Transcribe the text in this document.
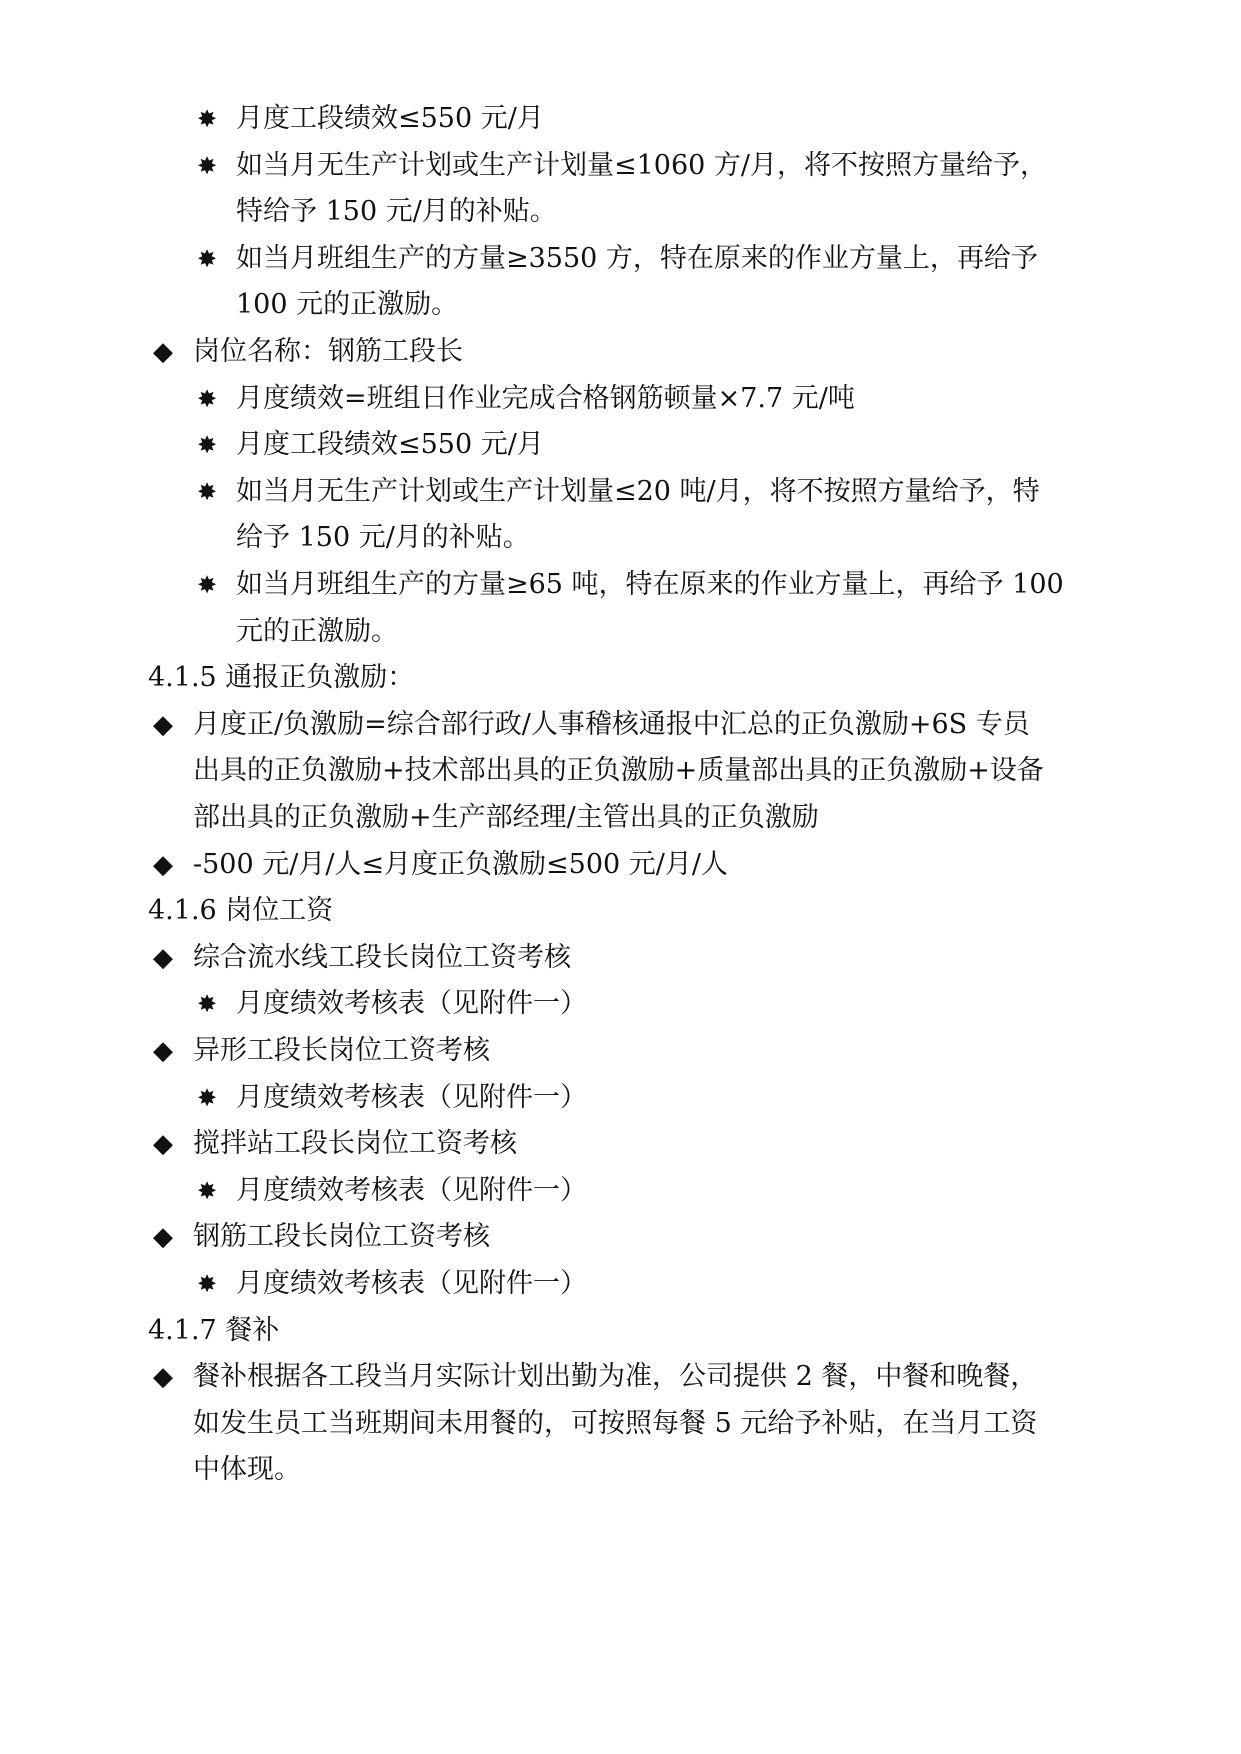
✸ 月度工段绩效≤550 元/月
✸ 如当月无生产计划或生产计划量≤1060 方/月，将不按照方量给予，
特给予 150 元/月的补贴。
✸ 如当月班组生产的方量≥3550 方，特在原来的作业方量上，再给予
100 元的正激励。
◆ 岗位名称：钢筋工段长
✸ 月度绩效=班组日作业完成合格钢筋顿量×7.7 元/吨
✸ 月度工段绩效≤550 元/月
✸ 如当月无生产计划或生产计划量≤20 吨/月，将不按照方量给予，特
给予 150 元/月的补贴。
✸ 如当月班组生产的方量≥65 吨，特在原来的作业方量上，再给予 100
元的正激励。
4.1.5 通报正负激励：
◆ 月度正/负激励=综合部行政/人事稽核通报中汇总的正负激励+6S 专员
出具的正负激励+技术部出具的正负激励+质量部出具的正负激励+设备
部出具的正负激励+生产部经理/主管出具的正负激励
◆ -500 元/月/人≤月度正负激励≤500 元/月/人
4.1.6 岗位工资
◆ 综合流水线工段长岗位工资考核
✸ 月度绩效考核表（见附件一）
◆ 异形工段长岗位工资考核
✸ 月度绩效考核表（见附件一）
◆ 搅拌站工段长岗位工资考核
✸ 月度绩效考核表（见附件一）
◆ 钢筋工段长岗位工资考核
✸ 月度绩效考核表（见附件一）
4.1.7 餐补
◆ 餐补根据各工段当月实际计划出勤为准，公司提供 2 餐，中餐和晚餐，
如发生员工当班期间未用餐的，可按照每餐 5 元给予补贴，在当月工资
中体现。
